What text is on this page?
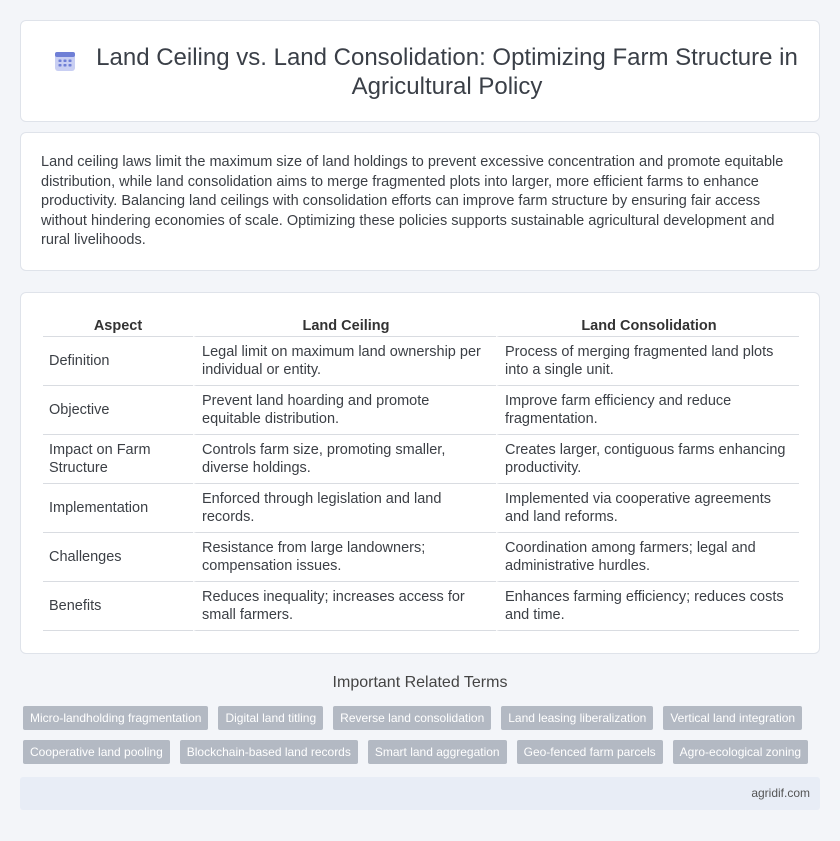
Land Ceiling vs. Land Consolidation: Optimizing Farm Structure in Agricultural Policy

Land ceiling laws limit the maximum size of land holdings to prevent excessive concentration and promote equitable distribution, while land consolidation aims to merge fragmented plots into larger, more efficient farms to enhance productivity. Balancing land ceilings with consolidation efforts can improve farm structure by ensuring fair access without hindering economies of scale. Optimizing these policies supports sustainable agricultural development and rural livelihoods.

Aspect	Land Ceiling	Land Consolidation
Definition	Legal limit on maximum land ownership per individual or entity.	Process of merging fragmented land plots into a single unit.
Objective	Prevent land hoarding and promote equitable distribution.	Improve farm efficiency and reduce fragmentation.
Impact on Farm Structure	Controls farm size, promoting smaller, diverse holdings.	Creates larger, contiguous farms enhancing productivity.
Implementation	Enforced through legislation and land records.	Implemented via cooperative agreements and land reforms.
Challenges	Resistance from large landowners; compensation issues.	Coordination among farmers; legal and administrative hurdles.
Benefits	Reduces inequality; increases access for small farmers.	Enhances farming efficiency; reduces costs and time.
Important Related Terms
Micro-landholding fragmentation	Digital land titling	Reverse land consolidation	Land leasing liberalization	Vertical land integration
Cooperative land pooling	Blockchain-based land records	Smart land aggregation	Geo-fenced farm parcels	Agro-ecological zoning
agridif.com
